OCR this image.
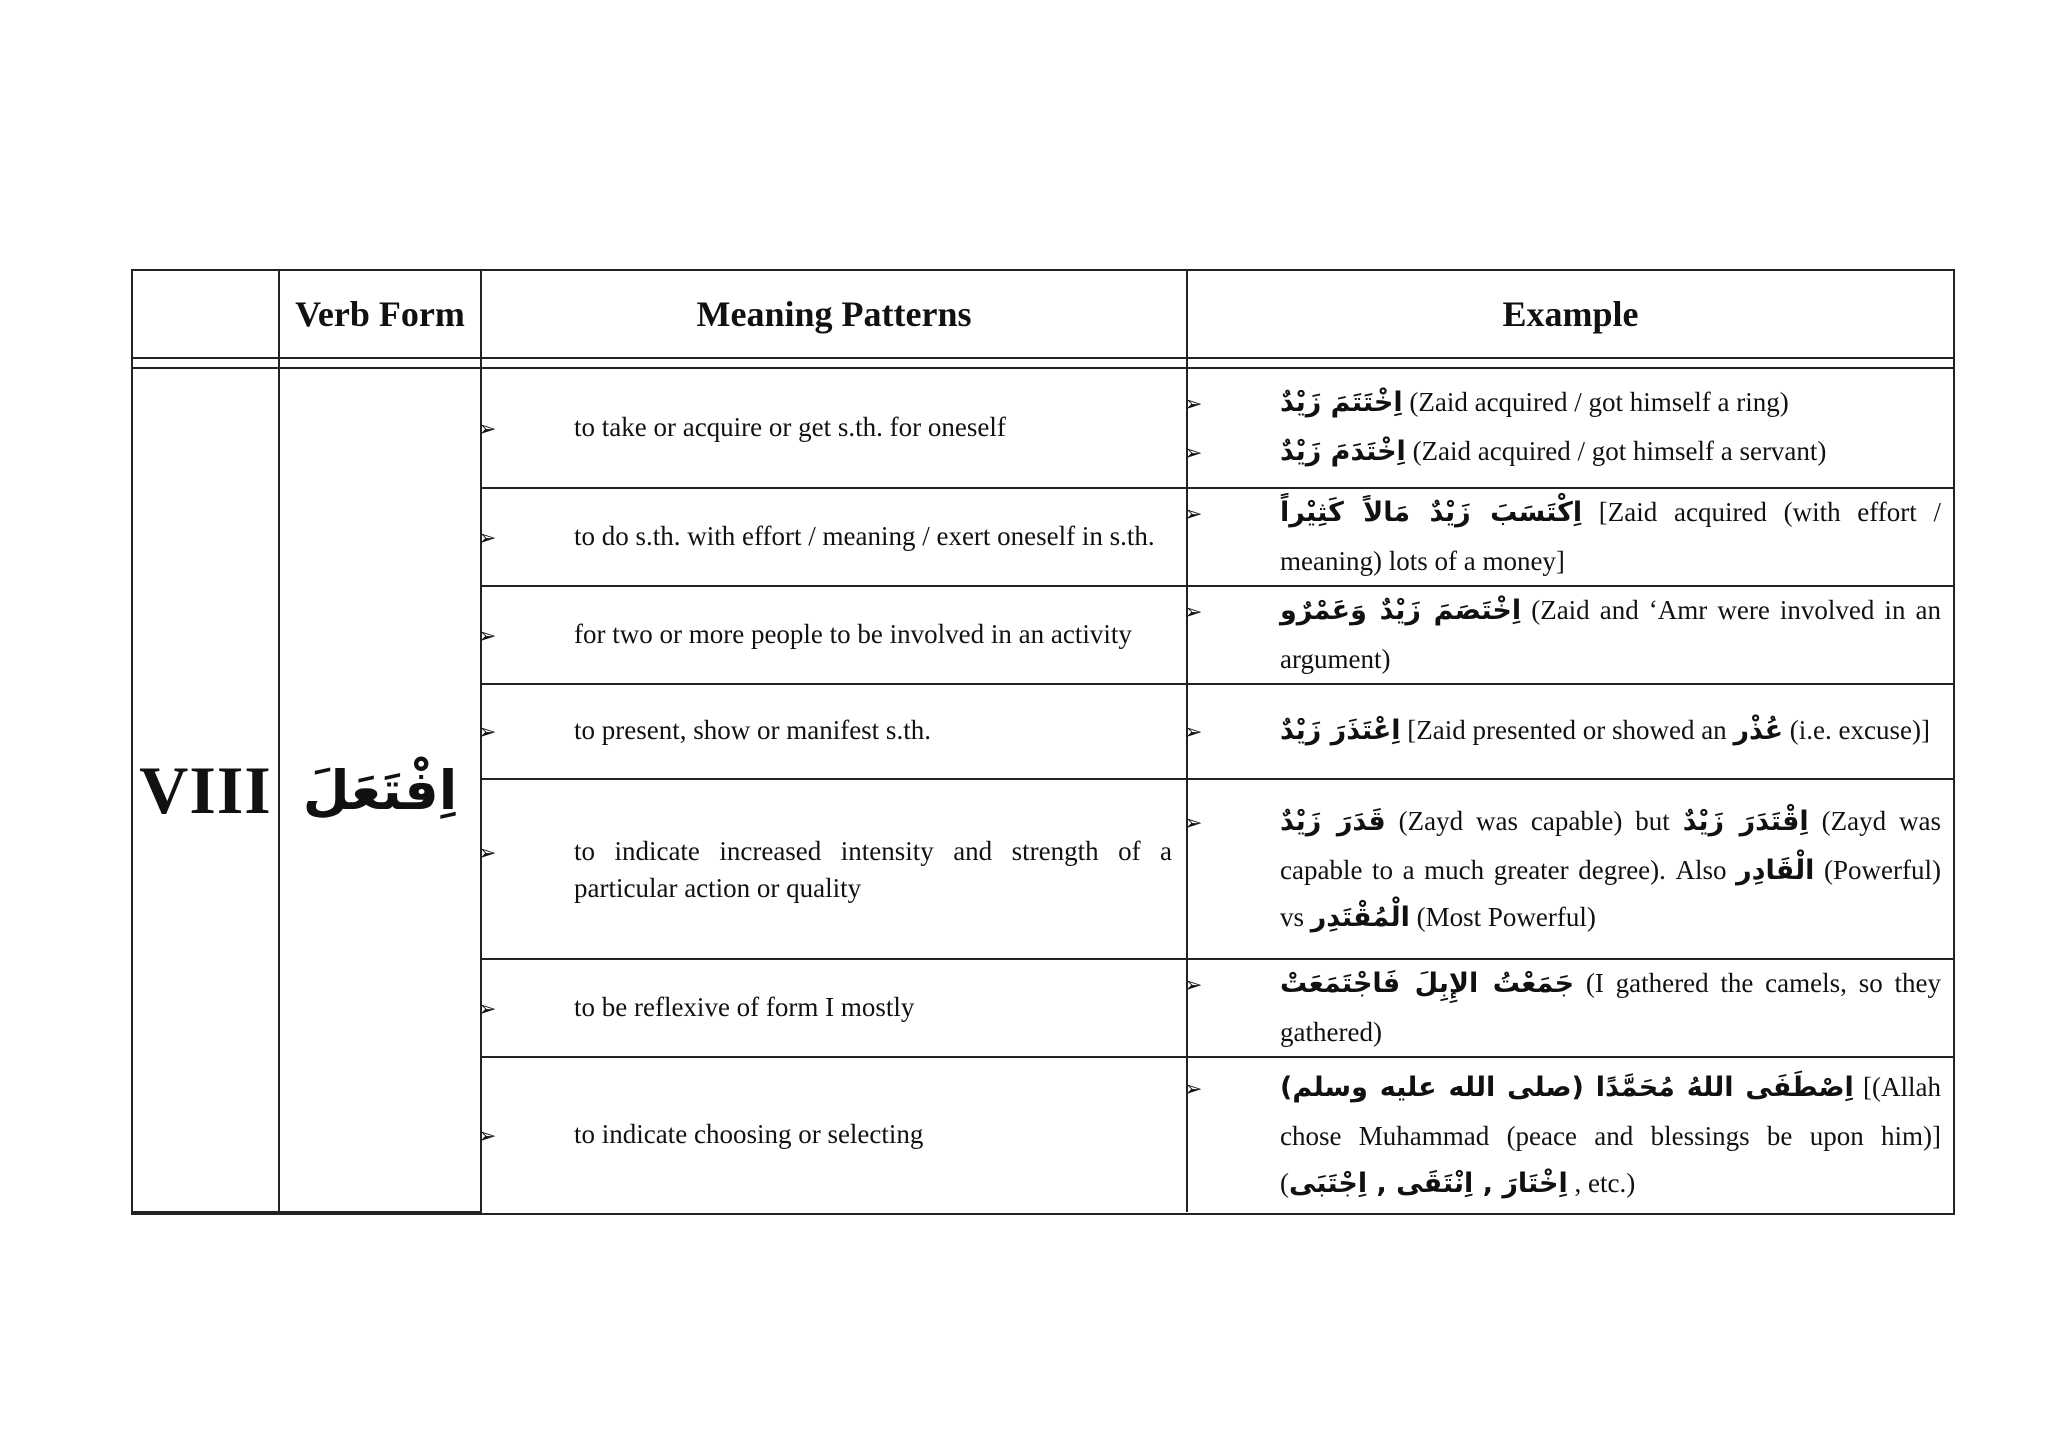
	Verb Form	Meaning Patterns	Example

VIII	اِفْتَعَلَ	➢ to take or acquire or get s.th. for oneself	➢ اِخْتَتَمَ زَيْدٌ (Zaid acquired / got himself a ring)
➢ اِخْتَدَمَ زَيْدٌ (Zaid acquired / got himself a servant)

		➢ to do s.th. with effort / meaning / exert oneself in s.th.	➢ اِكْتَسَبَ زَيْدٌ مَالاً كَثِيْراً [Zaid acquired (with effort / meaning) lots of a money]
		➢ for two or more people to be involved in an activity	➢ اِخْتَصَمَ زَيْدٌ وَعَمْرٌو (Zaid and ‘Amr were involved in an argument)
		➢ to present, show or manifest s.th.	➢ اِعْتَذَرَ زَيْدٌ [Zaid presented or showed an عُذْر (i.e. excuse)]
		➢ to indicate increased intensity and strength of a particular action or quality	➢ قَدَرَ زَيْدٌ (Zayd was capable) but اِقْتَدَرَ زَيْدٌ (Zayd was capable to a much greater degree). Also الْقَادِر (Powerful) vs الْمُقْتَدِر (Most Powerful)
		➢ to be reflexive of form I mostly	➢ جَمَعْتُ الإِبِلَ فَاجْتَمَعَتْ (I gathered the camels, so they gathered)
		➢ to indicate choosing or selecting	➢ اِصْطَفَى اللهُ مُحَمَّدًا (صلى الله عليه وسلم) [(Allah chose Muhammad (peace and blessings be upon him)] (اِخْتَارَ , اِنْتَقَى , اِجْتَبَى , etc.)
